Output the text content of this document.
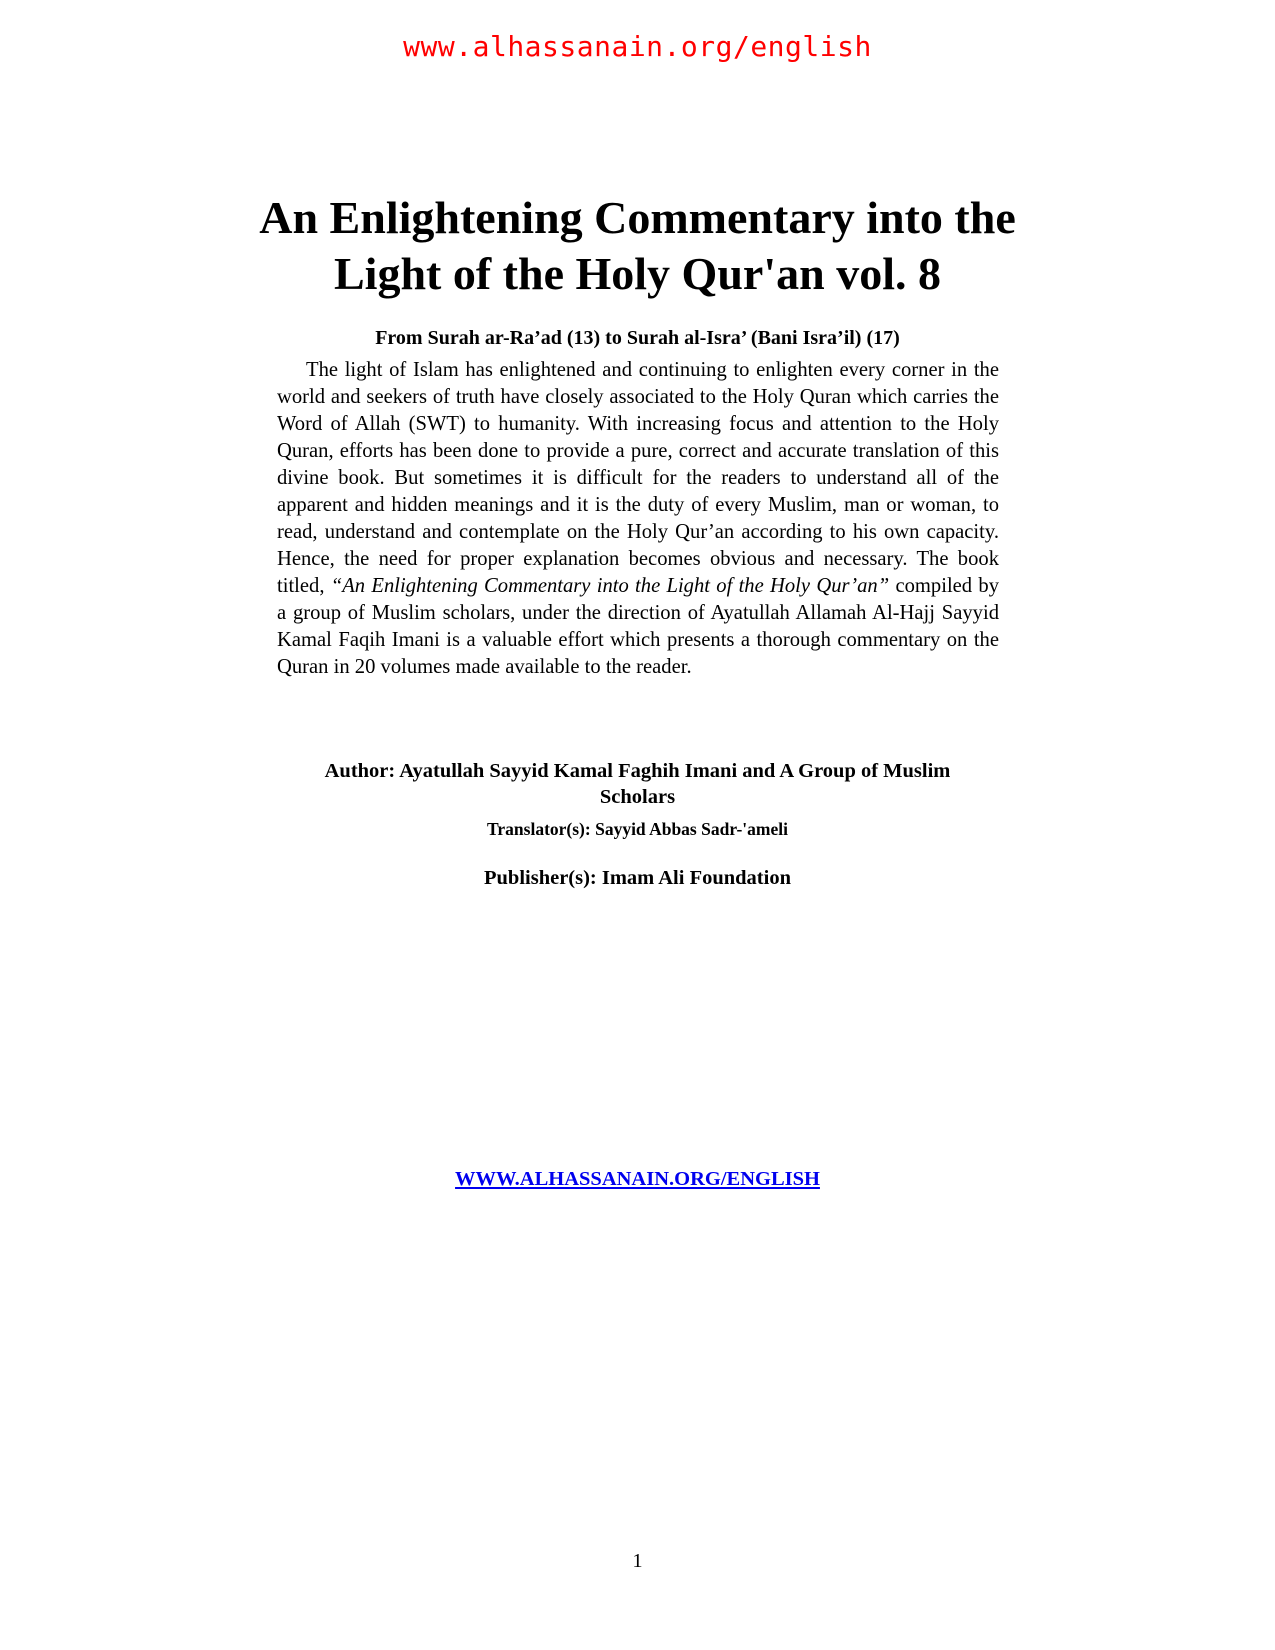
www.alhassanain.org/english

An Enlightening Commentary into the Light of the Holy Qur'an vol. 8
From Surah ar-Ra’ad (13) to Surah al-Isra’ (Bani Isra’il) (17)

The light of Islam has enlightened and continuing to enlighten every corner in the world and seekers of truth have closely associated to the Holy Quran which carries the Word of Allah (SWT) to humanity. With increasing focus and attention to the Holy Quran, efforts has been done to provide a pure, correct and accurate translation of this divine book. But sometimes it is difficult for the readers to understand all of the apparent and hidden meanings and it is the duty of every Muslim, man or woman, to read, understand and contemplate on the Holy Qur’an according to his own capacity. Hence, the need for proper explanation becomes obvious and necessary. The book titled, “An Enlightening Commentary into the Light of the Holy Qur’an” compiled by a group of Muslim scholars, under the direction of Ayatullah Allamah Al-Hajj Sayyid Kamal Faqih Imani is a valuable effort which presents a thorough commentary on the Quran in 20 volumes made available to the reader.

Author: Ayatullah Sayyid Kamal Faghih Imani and A Group of Muslim Scholars

Translator(s): Sayyid Abbas Sadr-'ameli

Publisher(s): Imam Ali Foundation

WWW.ALHASSANAIN.ORG/ENGLISH

1
